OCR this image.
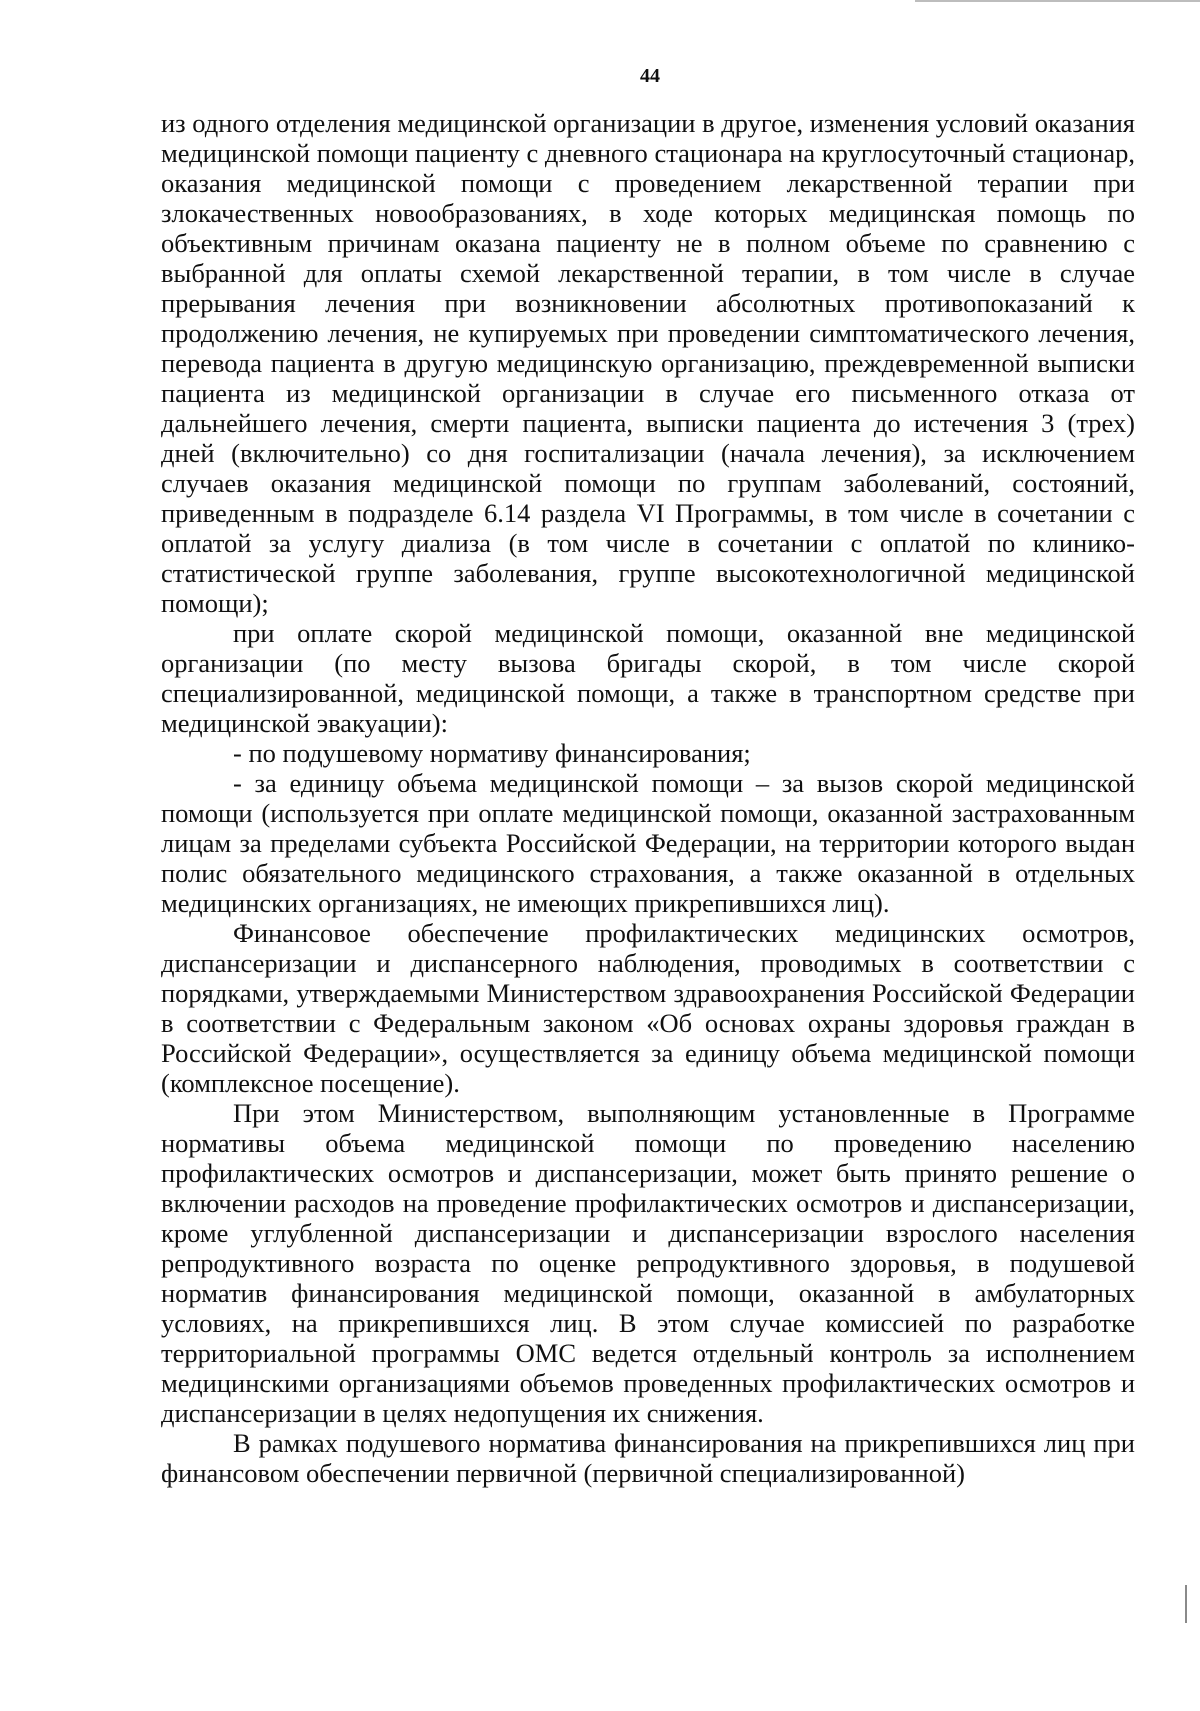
44

из одного отделения медицинской организации в другое, изменения условий оказания медицинской помощи пациенту с дневного стационара на круглосуточный стационар, оказания медицинской помощи с проведением лекарственной терапии при злокачественных новообразованиях, в ходе которых медицинская помощь по объективным причинам оказана пациенту не в полном объеме по сравнению с выбранной для оплаты схемой лекарственной терапии, в том числе в случае прерывания лечения при возникновении абсолютных противопоказаний к продолжению лечения, не купируемых при проведении симптоматического лечения, перевода пациента в другую медицинскую организацию, преждевременной выписки пациента из медицинской организации в случае его письменного отказа от дальнейшего лечения, смерти пациента, выписки пациента до истечения 3 (трех) дней (включительно) со дня госпитализации (начала лечения), за исключением случаев оказания медицинской помощи по группам заболеваний, состояний, приведенным в подразделе 6.14 раздела VI Программы, в том числе в сочетании с оплатой за услугу диализа (в том числе в сочетании с оплатой по клинико-статистической группе заболевания, группе высокотехнологичной медицинской помощи);

при оплате скорой медицинской помощи, оказанной вне медицинской организации (по месту вызова бригады скорой, в том числе скорой специализированной, медицинской помощи, а также в транспортном средстве при медицинской эвакуации):

- по подушевому нормативу финансирования;

- за единицу объема медицинской помощи – за вызов скорой медицинской помощи (используется при оплате медицинской помощи, оказанной застрахованным лицам за пределами субъекта Российской Федерации, на территории которого выдан полис обязательного медицинского страхования, а также оказанной в отдельных медицинских организациях, не имеющих прикрепившихся лиц).

Финансовое обеспечение профилактических медицинских осмотров, диспансеризации и диспансерного наблюдения, проводимых в соответствии с порядками, утверждаемыми Министерством здравоохранения Российской Федерации в соответствии с Федеральным законом «Об основах охраны здоровья граждан в Российской Федерации», осуществляется за единицу объема медицинской помощи (комплексное посещение).

При этом Министерством, выполняющим установленные в Программе нормативы объема медицинской помощи по проведению населению профилактических осмотров и диспансеризации, может быть принято решение о включении расходов на проведение профилактических осмотров и диспансеризации, кроме углубленной диспансеризации и диспансеризации взрослого населения репродуктивного возраста по оценке репродуктивного здоровья, в подушевой норматив финансирования медицинской помощи, оказанной в амбулаторных условиях, на прикрепившихся лиц. В этом случае комиссией по разработке территориальной программы ОМС ведется отдельный контроль за исполнением медицинскими организациями объемов проведенных профилактических осмотров и диспансеризации в целях недопущения их снижения.

В рамках подушевого норматива финансирования на прикрепившихся лиц при финансовом обеспечении первичной (первичной специализированной)
